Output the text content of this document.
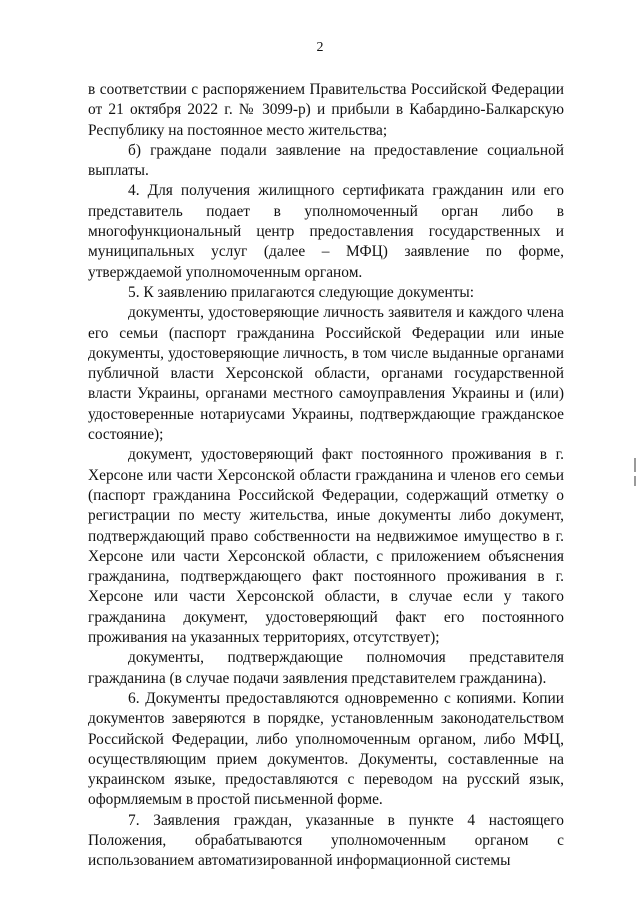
2

в соответствии с распоряжением Правительства Российской Федерации от 21 октября 2022 г. № 3099-р) и прибыли в Кабардино-Балкарскую Республику на постоянное место жительства;

б) граждане подали заявление на предоставление социальной выплаты.

4. Для получения жилищного сертификата гражданин или его представитель подает в уполномоченный орган либо в многофункциональный центр предоставления государственных и муниципальных услуг (далее – МФЦ) заявление по форме, утверждаемой уполномоченным органом.

5. К заявлению прилагаются следующие документы:

документы, удостоверяющие личность заявителя и каждого члена его семьи (паспорт гражданина Российской Федерации или иные документы, удостоверяющие личность, в том числе выданные органами публичной власти Херсонской области, органами государственной власти Украины, органами местного самоуправления Украины и (или) удостоверенные нотариусами Украины, подтверждающие гражданское состояние);

документ, удостоверяющий факт постоянного проживания в г. Херсоне или части Херсонской области гражданина и членов его семьи (паспорт гражданина Российской Федерации, содержащий отметку о регистрации по месту жительства, иные документы либо документ, подтверждающий право собственности на недвижимое имущество в г. Херсоне или части Херсонской области, с приложением объяснения гражданина, подтверждающего факт постоянного проживания в г. Херсоне или части Херсонской области, в случае если у такого гражданина документ, удостоверяющий факт его постоянного проживания на указанных территориях, отсутствует);

документы, подтверждающие полномочия представителя гражданина (в случае подачи заявления представителем гражданина).

6. Документы предоставляются одновременно с копиями. Копии документов заверяются в порядке, установленным законодательством Российской Федерации, либо уполномоченным органом, либо МФЦ, осуществляющим прием документов. Документы, составленные на украинском языке, предоставляются с переводом на русский язык, оформляемым в простой письменной форме.

7. Заявления граждан, указанные в пункте 4 настоящего Положения, обрабатываются уполномоченным органом с использованием автоматизированной информационной системы
